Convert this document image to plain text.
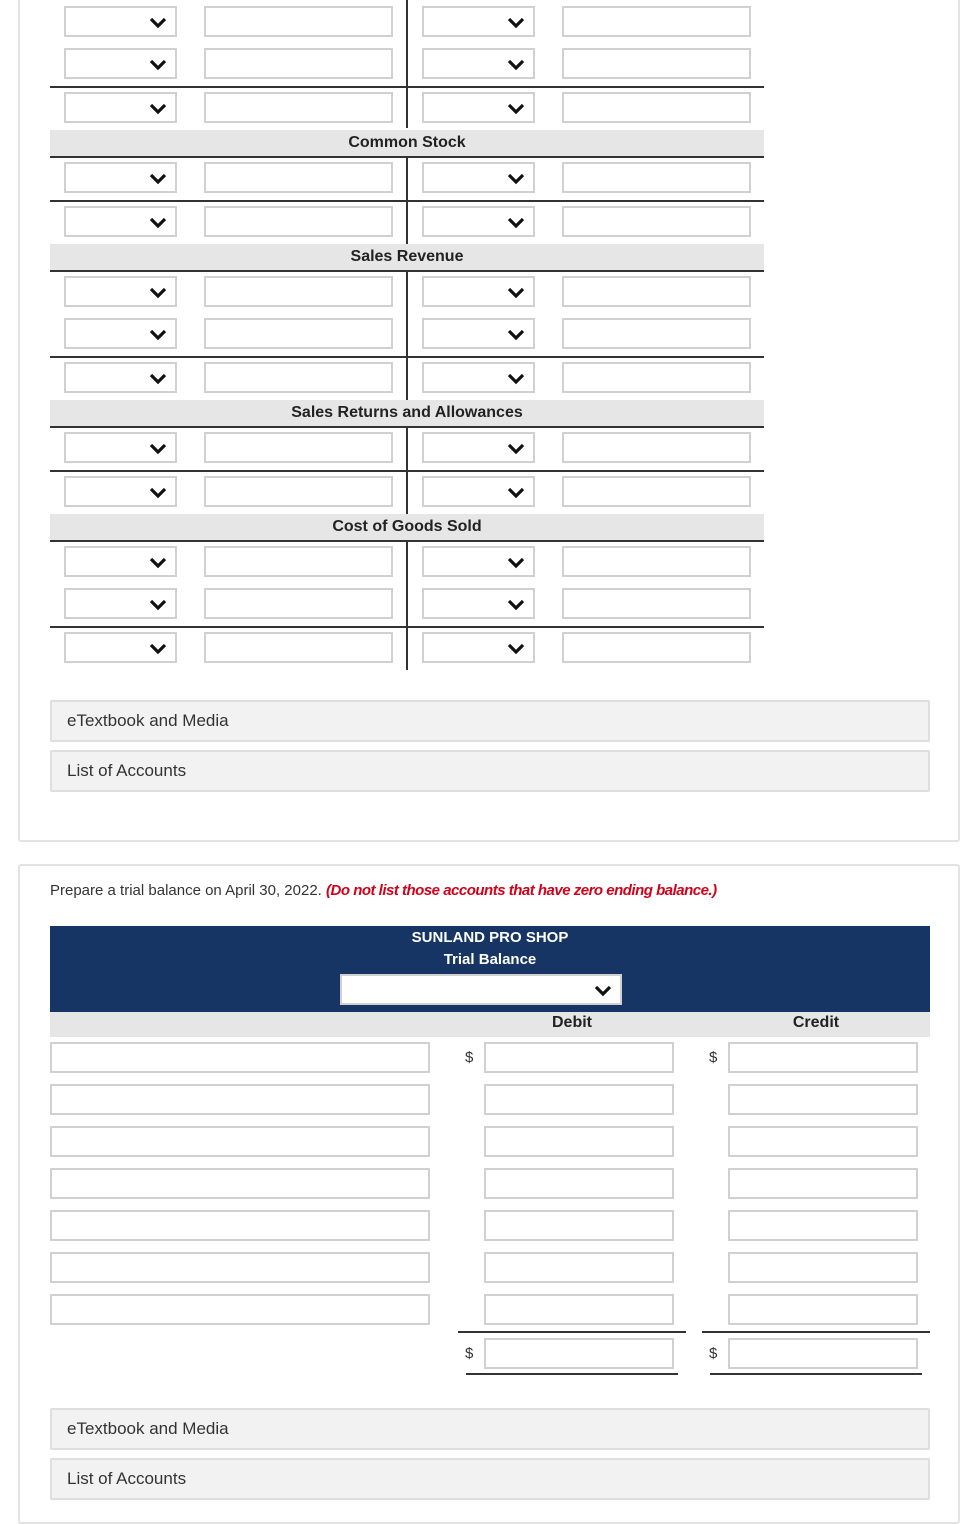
Common Stock
Sales Revenue
Sales Returns and Allowances
Cost of Goods Sold
eTextbook and Media
List of Accounts
Prepare a trial balance on April 30, 2022. (Do not list those accounts that have zero ending balance.)
SUNLAND PRO SHOP
Trial Balance
Debit	Credit
$	$
$	$
eTextbook and Media
List of Accounts
